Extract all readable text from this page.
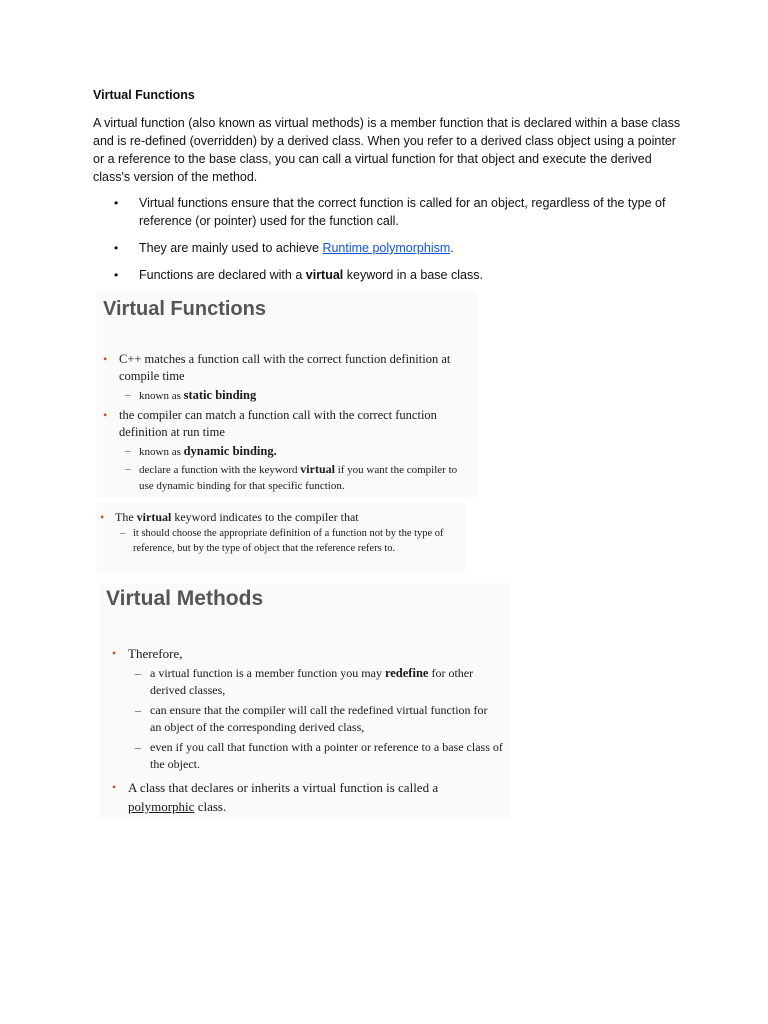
Virtual Functions

A virtual function (also known as virtual methods) is a member function that is declared within a base class and is re-defined (overridden) by a derived class. When you refer to a derived class object using a pointer or a reference to the base class, you can call a virtual function for that object and execute the derived class's version of the method.

• Virtual functions ensure that the correct function is called for an object, regardless of the type of reference (or pointer) used for the function call.
• They are mainly used to achieve Runtime polymorphism.
• Functions are declared with a virtual keyword in a base class.
Virtual Functions
• C++ matches a function call with the correct function definition at compile time
– known as static binding
• the compiler can match a function call with the correct function definition at run time
– known as dynamic binding.
– declare a function with the keyword virtual if you want the compiler to use dynamic binding for that specific function.
• The virtual keyword indicates to the compiler that
– it should choose the appropriate definition of a function not by the type of reference, but by the type of object that the reference refers to.
Virtual Methods
• Therefore,
– a virtual function is a member function you may redefine for other derived classes,
– can ensure that the compiler will call the redefined virtual function for an object of the corresponding derived class,
– even if you call that function with a pointer or reference to a base class of the object.
• A class that declares or inherits a virtual function is called a polymorphic class.
